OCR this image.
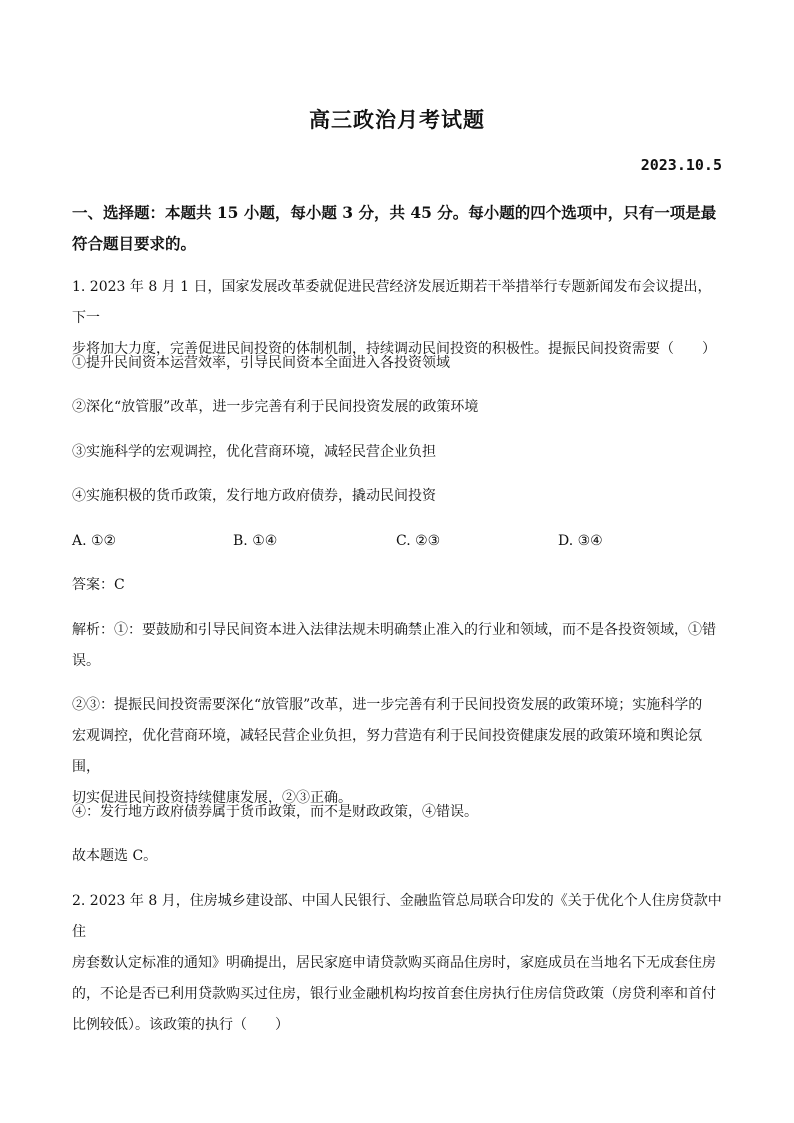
高三政治月考试题
2023.10.5
一、选择题：本题共 15 小题，每小题 3 分，共 45 分。每小题的四个选项中，只有一项是最
符合题目要求的。
1. 2023 年 8 月 1 日，国家发展改革委就促进民营经济发展近期若干举措举行专题新闻发布会议提出，下一
步将加大力度，完善促进民间投资的体制机制，持续调动民间投资的积极性。提振民间投资需要（　　）
①提升民间资本运营效率，引导民间资本全面进入各投资领域
②深化“放管服”改革，进一步完善有利于民间投资发展的政策环境
③实施科学的宏观调控，优化营商环境，减轻民营企业负担
④实施积极的货币政策，发行地方政府债券，撬动民间投资
A. ①②	B. ①④	C. ②③	D. ③④
答案：C
解析：①：要鼓励和引导民间资本进入法律法规未明确禁止准入的行业和领域，而不是各投资领域，①错
误。
②③：提振民间投资需要深化“放管服”改革，进一步完善有利于民间投资发展的政策环境；实施科学的
宏观调控，优化营商环境，减轻民营企业负担，努力营造有利于民间投资健康发展的政策环境和舆论氛围，
切实促进民间投资持续健康发展，②③正确。
④：发行地方政府债券属于货币政策，而不是财政政策，④错误。
故本题选 C。
2. 2023 年 8 月，住房城乡建设部、中国人民银行、金融监管总局联合印发的《关于优化个人住房贷款中住
房套数认定标准的通知》明确提出，居民家庭申请贷款购买商品住房时，家庭成员在当地名下无成套住房
的，不论是否已利用贷款购买过住房，银行业金融机构均按首套住房执行住房信贷政策（房贷利率和首付
比例较低）。该政策的执行（　　）
